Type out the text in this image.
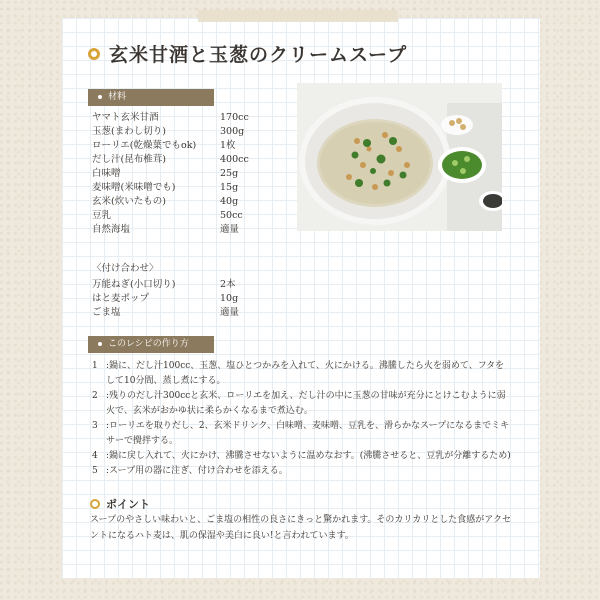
玄米甘酒と玉葱のクリームスープ
材料
ヤマト玄米甘酒	170cc
玉葱(まわし切り)	300g
ローリエ(乾燥葉でもok)	1枚
だし汁(昆布椎茸)	400cc
白味噌	25g
麦味噌(米味噌でも)	15g
玄米(炊いたもの)	40g
豆乳	50cc
自然海塩	適量
〈付け合わせ〉
万能ねぎ(小口切り)	2本
はと麦ポップ	10g
ごま塩	適量
このレシピの作り方
1 :鍋に、だし汁100cc、玉葱、塩ひとつかみを入れて、火にかける。沸騰したら火を弱めて、フタをして10分間、蒸し煮にする。
2 :残りのだし汁300ccと玄米、ローリエを加え、だし汁の中に玉葱の甘味が充分にとけこむように弱火で、玄米がおかゆ状に柔らかくなるまで煮込む。
3 :ローリエを取りだし、2、玄米ドリンク、白味噌、麦味噌、豆乳を、滑らかなスープになるまでミキサーで攪拌する。
4 :鍋に戻し入れて、火にかけ、沸騰させないように温めなおす。(沸騰させると、豆乳が分離するため)
5 :スープ用の器に注ぎ、付け合わせを添える。
ポイント
スープのやさしい味わいと、ごま塩の相性の良さにきっと驚かれます。そのカリカリとした食感がアクセントになるハト麦は、肌の保湿や美白に良い!と言われています。
